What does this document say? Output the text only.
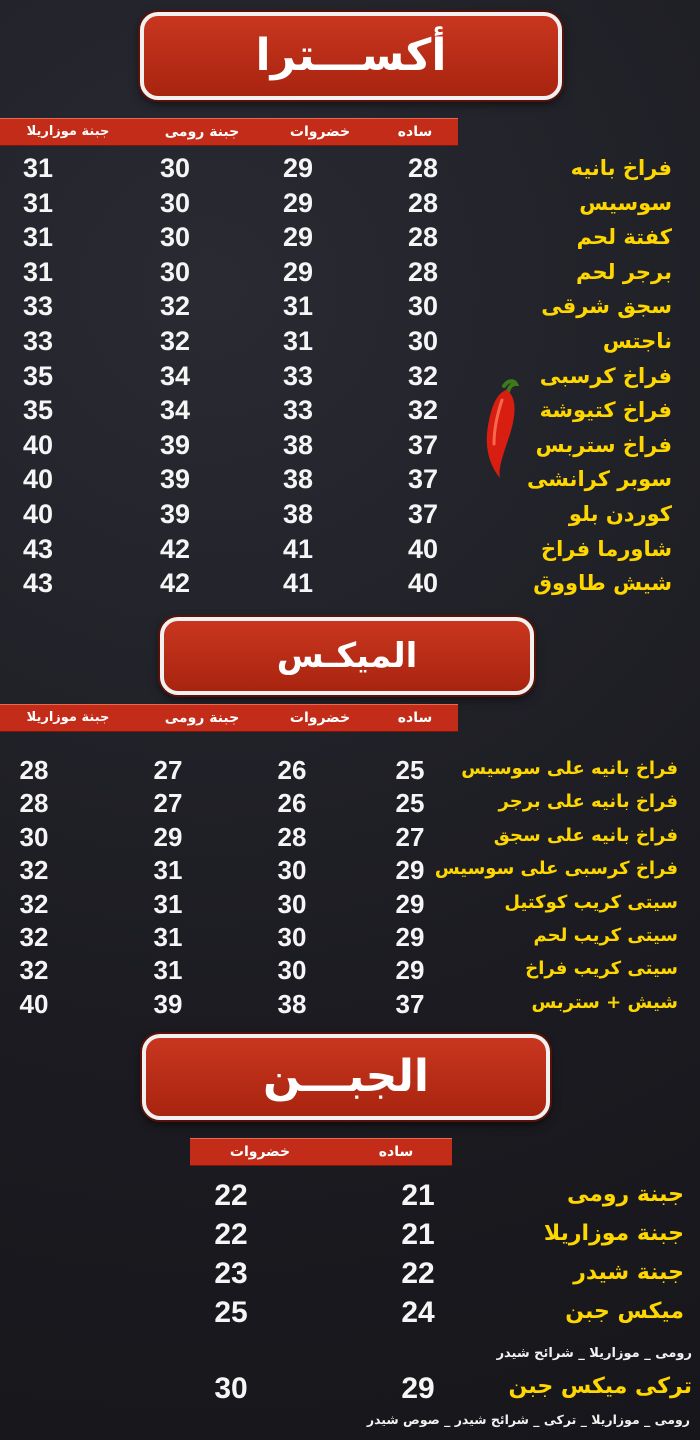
أكســـترا
ساده
خضروات
جبنة رومى
جبنة موزاريلا
فراخ بانيه
28
29
30
31
سوسيس
28
29
30
31
كفتة لحم
28
29
30
31
برجر لحم
28
29
30
31
سجق شرقى
30
31
32
33
ناجتس
30
31
32
33
فراخ كرسبى
32
33
34
35
فراخ كتيوشة
32
33
34
35
فراخ ستربس
37
38
39
40
سوبر كرانشى
37
38
39
40
كوردن بلو
37
38
39
40
شاورما فراخ
40
41
42
43
شيش طاووق
40
41
42
43
الميكـس
ساده
خضروات
جبنة رومى
جبنة موزاريلا
فراخ بانيه على سوسيس
25
26
27
28
فراخ بانيه على برجر
25
26
27
28
فراخ بانيه على سجق
27
28
29
30
فراخ كرسبى على سوسيس
29
30
31
32
سيتى كريب كوكتيل
29
30
31
32
سيتى كريب لحم
29
30
31
32
سيتى كريب فراخ
29
30
31
32
شيش + ستربس
37
38
39
40
الجبـــن
ساده
خضروات
جبنة رومى
21
22
جبنة موزاريلا
21
22
جبنة شيدر
22
23
ميكس جبن
24
25
رومى _ موزاريلا _ شرائح شيدر
تركى ميكس جبن
29
30
رومى _ موزاريلا _ تركى _ شرائح شيدر _ صوص شيدر
